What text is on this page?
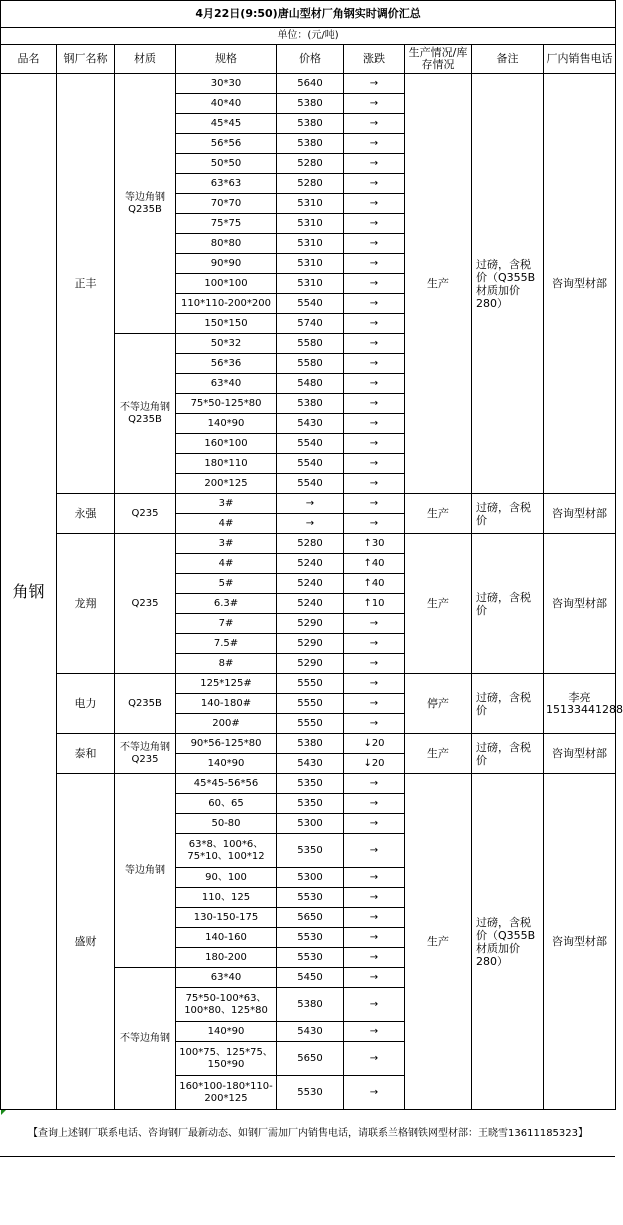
4月22日(9:50)唐山型材厂角钢实时调价汇总								
单位：(元/吨)								
品名	钢厂名称	材质	规格	价格	涨跌	生产情况/库存情况	备注	厂内销售电话
角钢	正丰	等边角钢Q235B	30*30	5640	→	生产	过磅，含税价（Q355B材质加价280）	咨询型材部
			40*40	5380	→			
			45*45	5380	→			
			56*56	5380	→			
			50*50	5280	→			
			63*63	5280	→			
			70*70	5310	→			
			75*75	5310	→			
			80*80	5310	→			
			90*90	5310	→			
			100*100	5310	→			
			110*110-200*200	5540	→			
			150*150	5740	→			
		不等边角钢Q235B	50*32	5580	→			
			56*36	5580	→			
			63*40	5480	→			
			75*50-125*80	5380	→			
			140*90	5430	→			
			160*100	5540	→			
			180*110	5540	→			
			200*125	5540	→			
	永强	Q235	3#	→	→	生产	过磅，含税价	咨询型材部
			4#	→	→			
	龙翔	Q235	3#	5280	↑30	生产	过磅，含税价	咨询型材部
			4#	5240	↑40			
			5#	5240	↑40			
			6.3#	5240	↑10			
			7#	5290	→			
			7.5#	5290	→			
			8#	5290	→			
	电力	Q235B	125*125#	5550	→	停产	过磅，含税价	李亮15133441288
			140-180#	5550	→			
			200#	5550	→			
	泰和	不等边角钢Q235	90*56-125*80	5380	↓20	生产	过磅，含税价	咨询型材部
			140*90	5430	↓20			
	盛财	等边角钢	45*45-56*56	5350	→	生产	过磅，含税价（Q355B材质加价280）	咨询型材部
			60、65	5350	→			
			50-80	5300	→			
			63*8、100*6、75*10、100*12	5350	→			
			90、100	5300	→			
			110、125	5530	→			
			130-150-175	5650	→			
			140-160	5530	→			
			180-200	5530	→			
		不等边角钢	63*40	5450	→			
			75*50-100*63、100*80、125*80	5380	→			
			140*90	5430	→			
			100*75、125*75、150*90	5650	→			
			160*100-180*110-200*125	5530	→			

【查询上述钢厂联系电话、咨询钢厂最新动态、如钢厂需加厂内销售电话，请联系兰格钢铁网型材部：王晓雪13611185323】								
